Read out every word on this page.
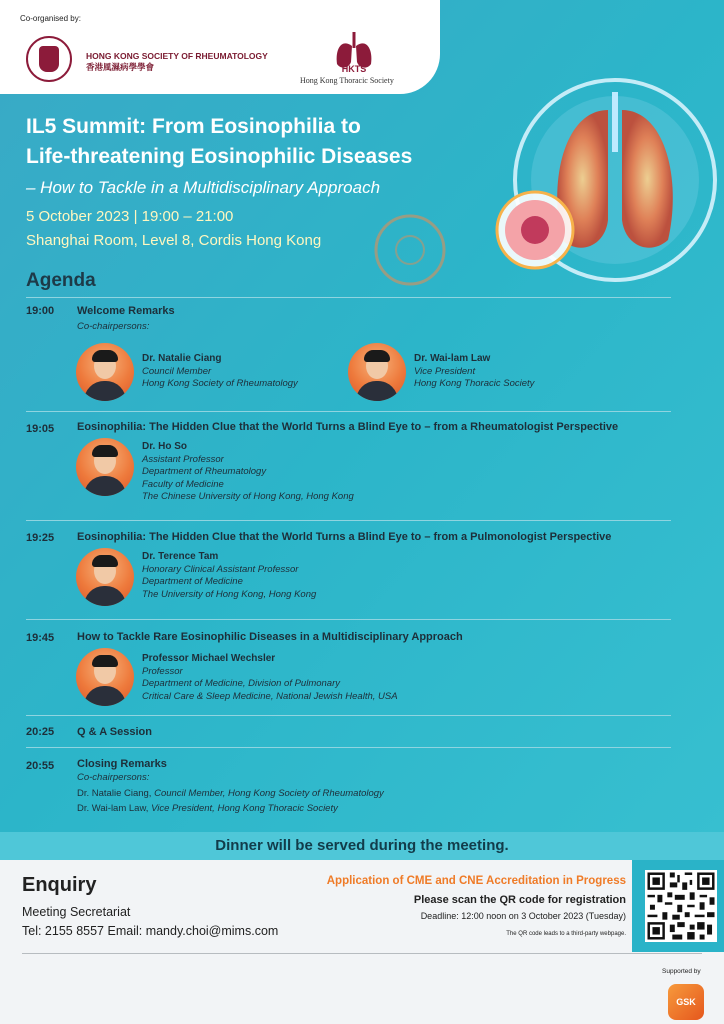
Co-organised by:
HONG KONG SOCIETY OF RHEUMATOLOGY
香港風濕病學學會	HKTS
Hong Kong Thoracic Society
IL5 Summit: From Eosinophilia to
Life-threatening Eosinophilic Diseases
– How to Tackle in a Multidisciplinary Approach
5 October 2023 | 19:00 – 21:00
Shanghai Room, Level 8, Cordis Hong Kong
Agenda
19:00 Welcome Remarks
Co-chairpersons:
Dr. Natalie Ciang
Council Member
Hong Kong Society of Rheumatology
Dr. Wai-lam Law
Vice President
Hong Kong Thoracic Society
19:05 Eosinophilia: The Hidden Clue that the World Turns a Blind Eye to – from a Rheumatologist Perspective
Dr. Ho So
Assistant Professor
Department of Rheumatology
Faculty of Medicine
The Chinese University of Hong Kong, Hong Kong
19:25 Eosinophilia: The Hidden Clue that the World Turns a Blind Eye to – from a Pulmonologist Perspective
Dr. Terence Tam
Honorary Clinical Assistant Professor
Department of Medicine
The University of Hong Kong, Hong Kong
19:45 How to Tackle Rare Eosinophilic Diseases in a Multidisciplinary Approach
Professor Michael Wechsler
Professor
Department of Medicine, Division of Pulmonary
Critical Care & Sleep Medicine, National Jewish Health, USA
20:25 Q & A Session
20:55 Closing Remarks
Co-chairpersons:
Dr. Natalie Ciang, Council Member, Hong Kong Society of Rheumatology
Dr. Wai-lam Law, Vice President, Hong Kong Thoracic Society
Dinner will be served during the meeting.
Enquiry
Meeting Secretariat
Tel: 2155 8557 Email: mandy.choi@mims.com
Application of CME and CNE Accreditation in Progress
Please scan the QR code for registration
Deadline: 12:00 noon on 3 October 2023 (Tuesday)
The QR code leads to a third-party webpage.
Supported by
GSK
